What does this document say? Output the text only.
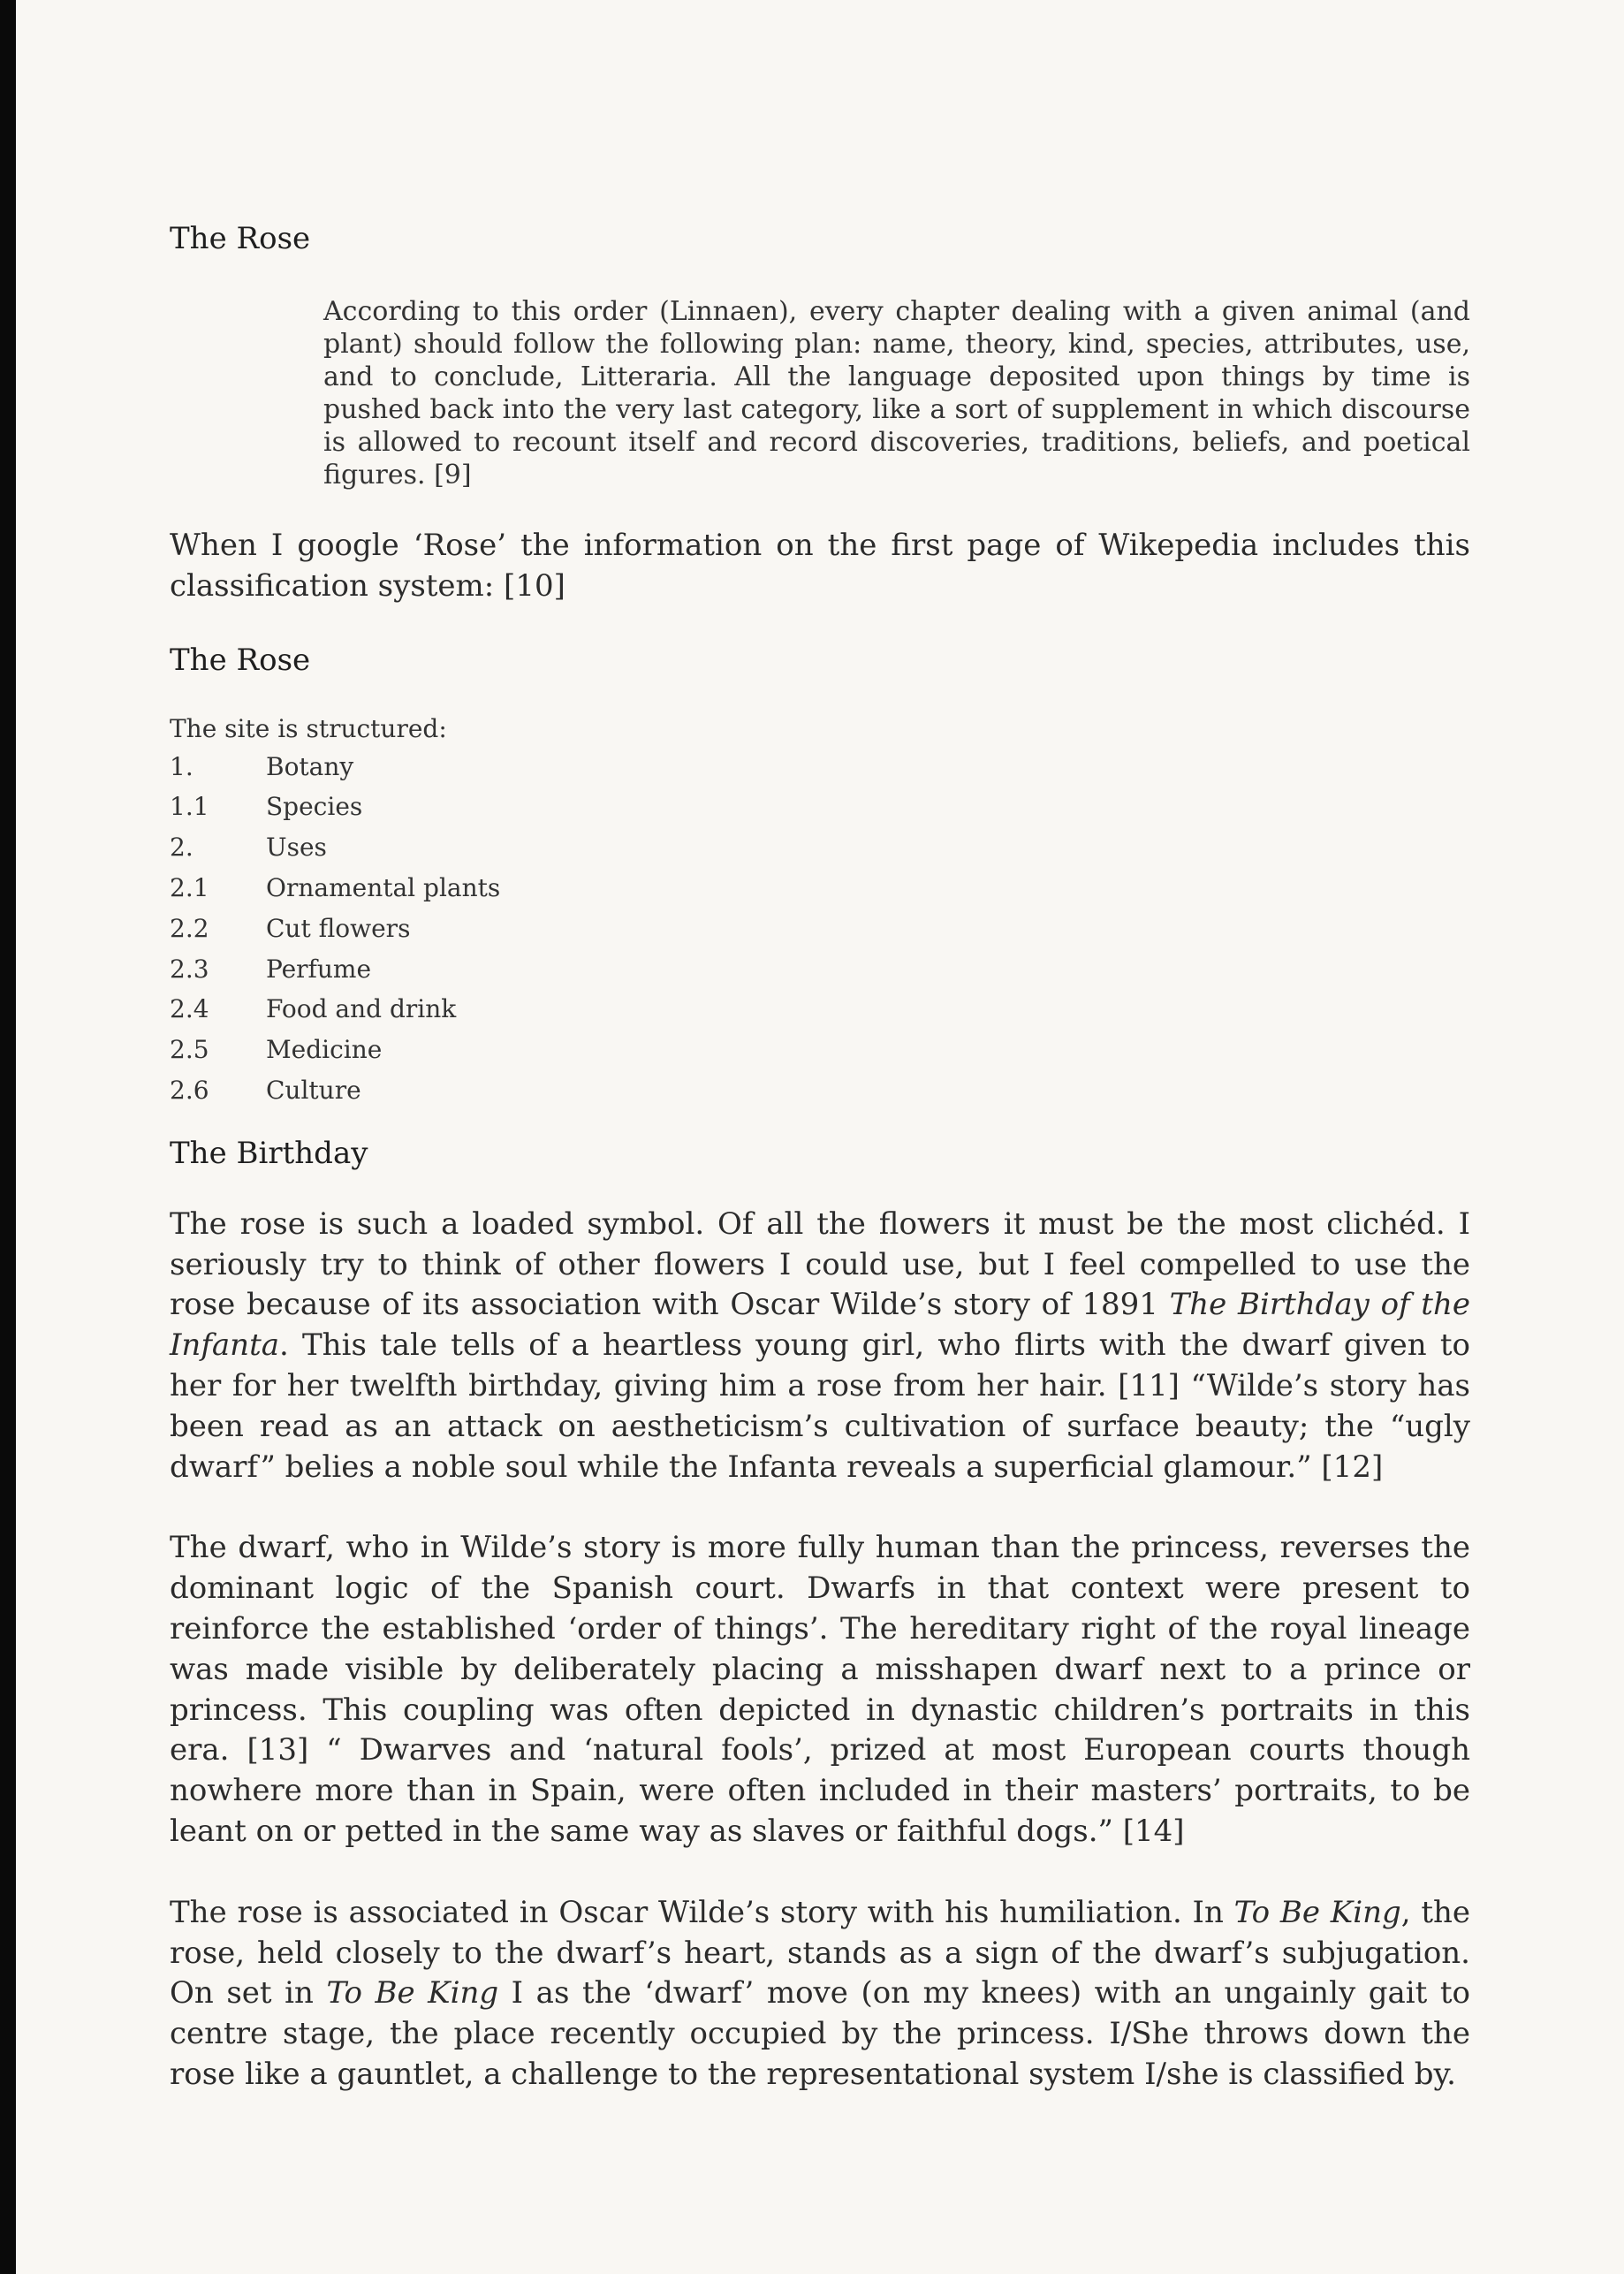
The Rose

According to this order (Linnaen), every chapter dealing with a given animal (and plant) should follow the following plan: name, theory, kind, species, attributes, use, and to conclude, Litteraria. All the language deposited upon things by time is pushed back into the very last category, like a sort of supplement in which discourse is allowed to recount itself and record discoveries, traditions, beliefs, and poetical figures. [9]

When I google ‘Rose’ the information on the first page of Wikepedia includes this classification system: [10]

The Rose

The site is structured:

1.	Botany
1.1	Species
2.	Uses
2.1	Ornamental plants
2.2	Cut flowers
2.3	Perfume
2.4	Food and drink
2.5	Medicine
2.6	Culture
The Birthday

The rose is such a loaded symbol. Of all the flowers it must be the most clichéd. I seriously try to think of other flowers I could use, but I feel compelled to use the rose because of its association with Oscar Wilde’s story of 1891 The Birthday of the Infanta. This tale tells of a heartless young girl, who flirts with the dwarf given to her for her twelfth birthday, giving him a rose from her hair. [11] “Wilde’s story has been read as an attack on aestheticism’s cultivation of surface beauty; the “ugly dwarf” belies a noble soul while the Infanta reveals a superficial glamour.” [12]

The dwarf, who in Wilde’s story is more fully human than the princess, reverses the dominant logic of the Spanish court. Dwarfs in that context were present to reinforce the established ‘order of things’. The hereditary right of the royal lineage was made visible by deliberately placing a misshapen dwarf next to a prince or princess. This coupling was often depicted in dynastic children’s portraits in this era. [13] “ Dwarves and ‘natural fools’, prized at most European courts though nowhere more than in Spain, were often included in their masters’ portraits, to be leant on or petted in the same way as slaves or faithful dogs.” [14]

The rose is associated in Oscar Wilde’s story with his humiliation. In To Be King, the rose, held closely to the dwarf’s heart, stands as a sign of the dwarf’s subjugation. On set in To Be King I as the ‘dwarf’ move (on my knees) with an ungainly gait to centre stage, the place recently occupied by the princess. I/She throws down the rose like a gauntlet, a challenge to the representational system I/she is classified by.
